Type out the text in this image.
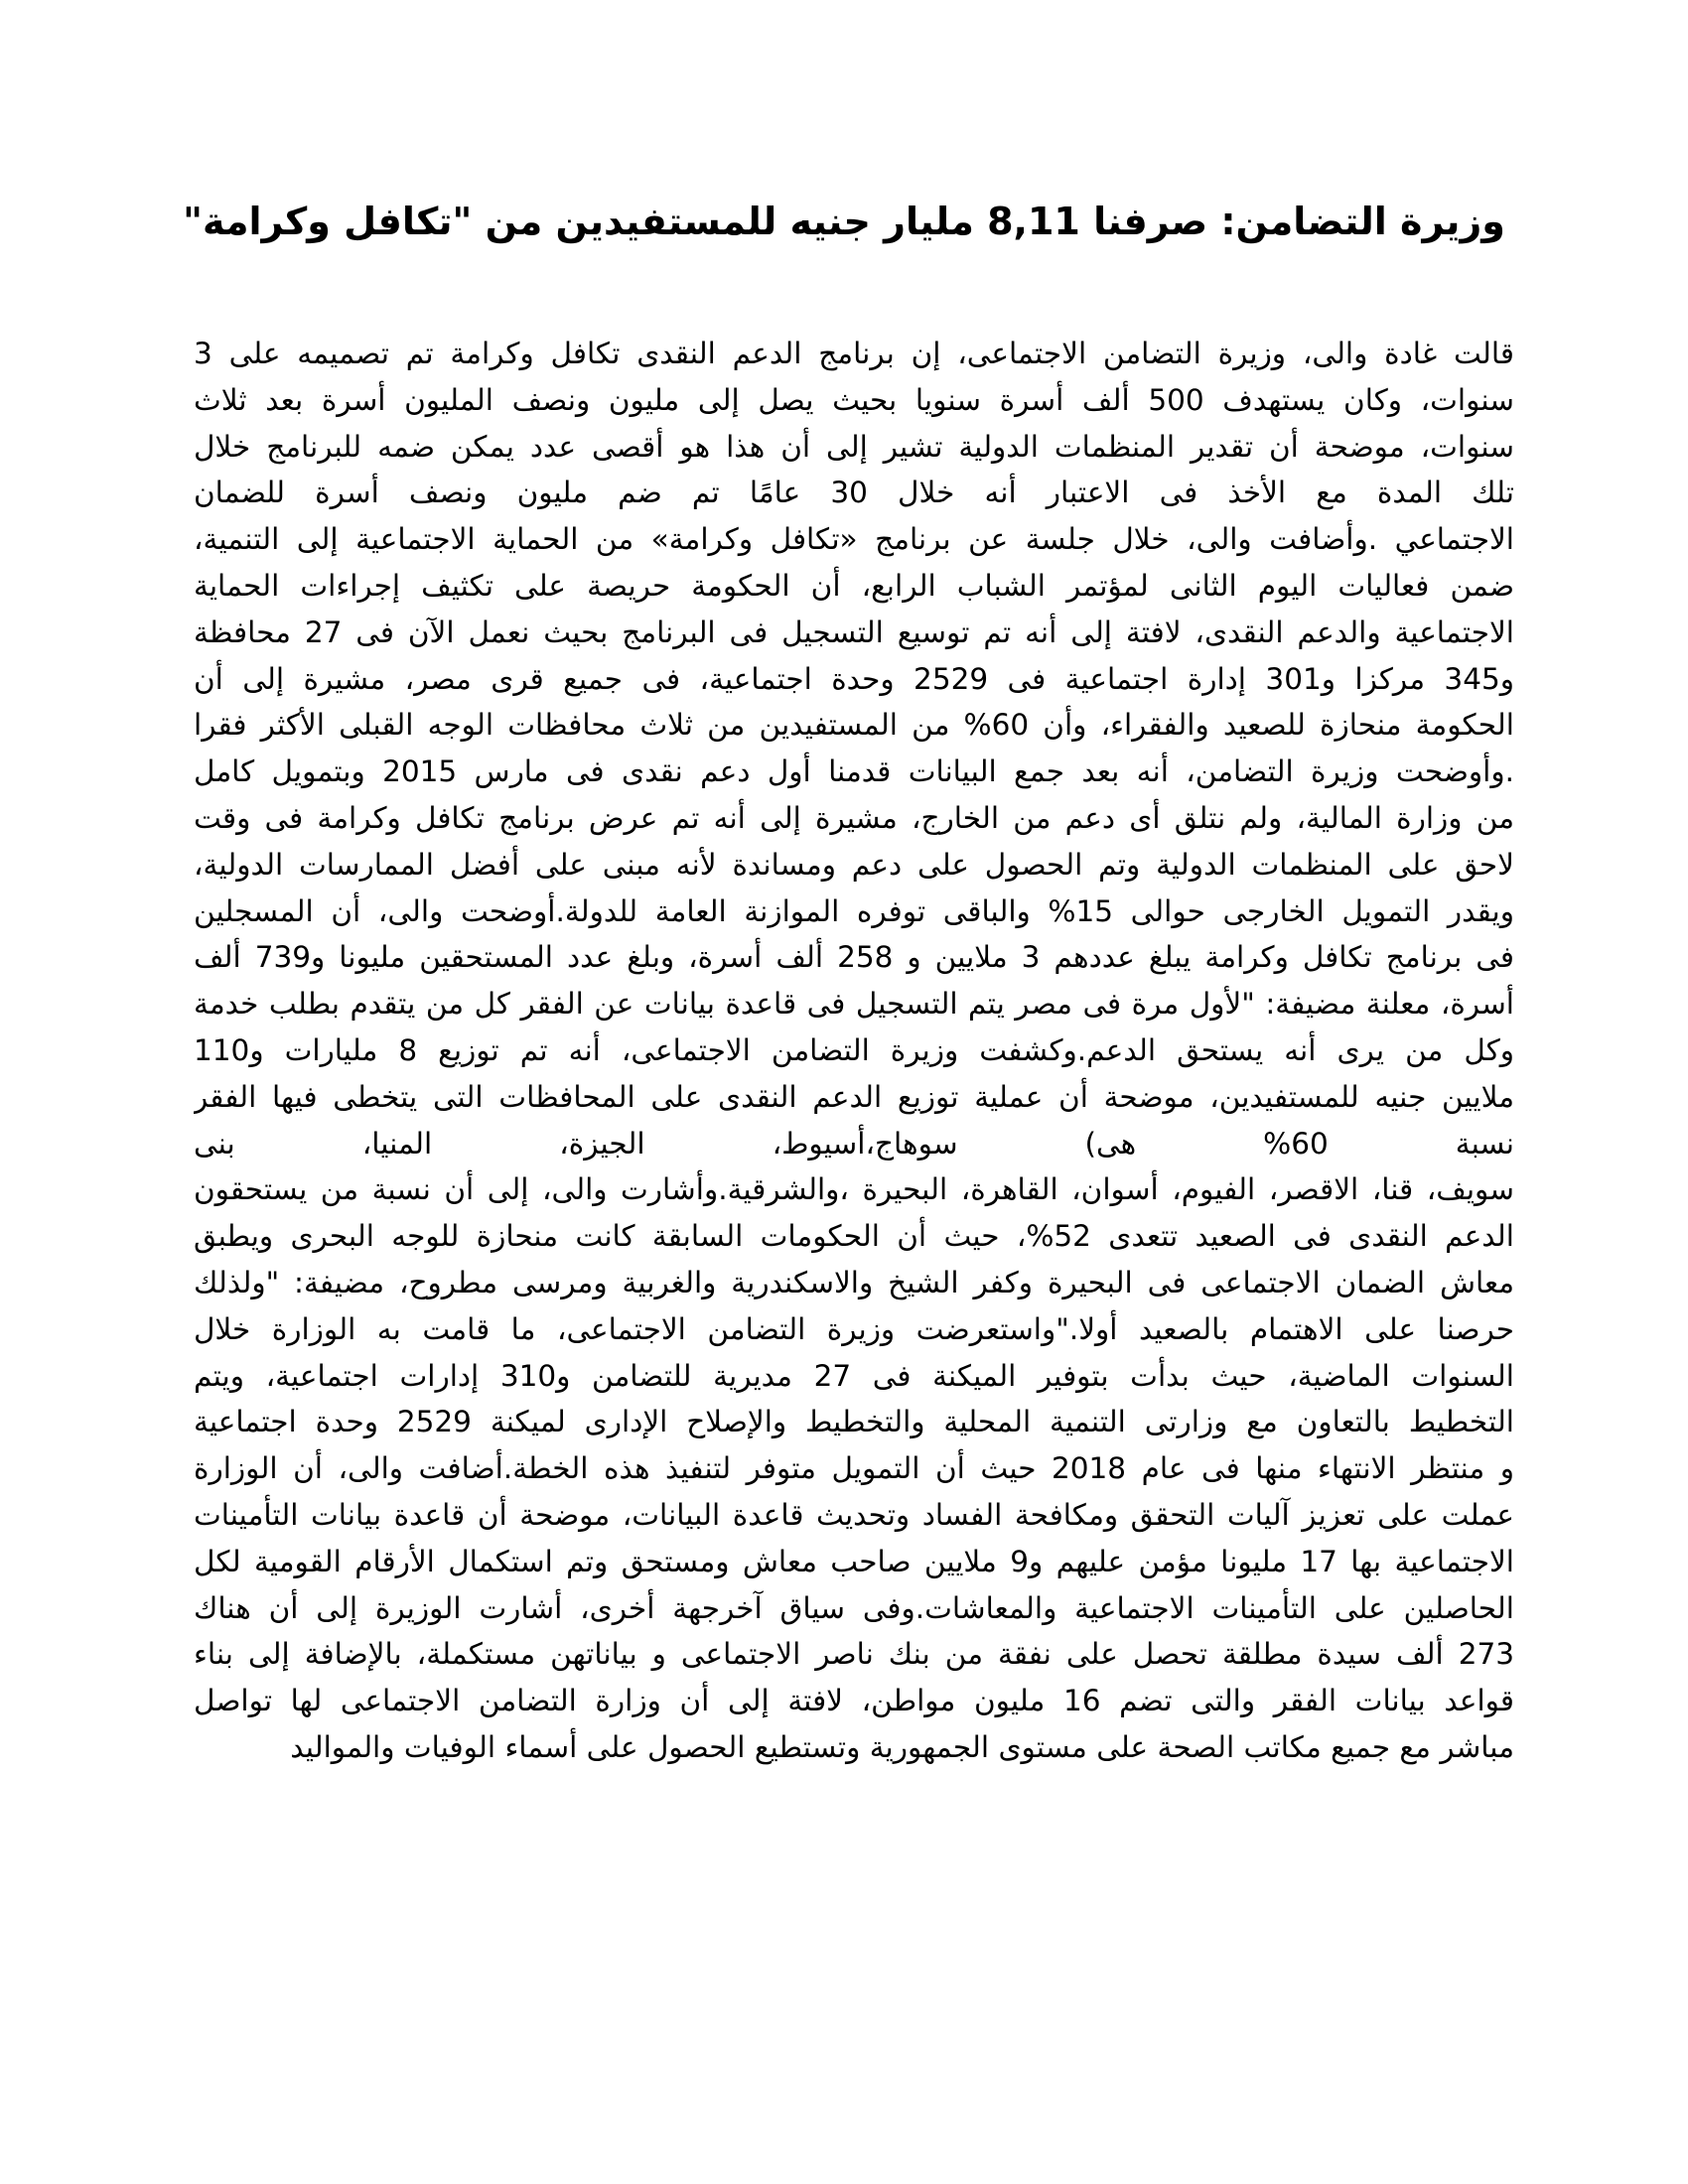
وزيرة التضامن: صرفنا 8,11 مليار جنيه للمستفيدين من "تكافل وكرامة"
قالت غادة والى، وزيرة التضامن الاجتماعى، إن برنامج الدعم النقدى تكافل وكرامة تم تصميمه على 3
سنوات، وكان يستهدف 500 ألف أسرة سنويا بحيث يصل إلى مليون ونصف المليون أسرة بعد ثلاث
سنوات، موضحة أن تقدير المنظمات الدولية تشير إلى أن هذا هو أقصى عدد يمكن ضمه للبرنامج خلال
تلك المدة مع الأخذ فى الاعتبار أنه خلال 30 عامًا تم ضم مليون ونصف أسرة للضمان
الاجتماعي .وأضافت والى، خلال جلسة عن برنامج «تكافل وكرامة» من الحماية الاجتماعية إلى التنمية،
ضمن فعاليات اليوم الثانى لمؤتمر الشباب الرابع، أن الحكومة حريصة على تكثيف إجراءات الحماية
الاجتماعية والدعم النقدى، لافتة إلى أنه تم توسيع التسجيل فى البرنامج بحيث نعمل الآن فى 27 محافظة
و345 مركزا و301 إدارة اجتماعية فى 2529 وحدة اجتماعية، فى جميع قرى مصر، مشيرة إلى أن
الحكومة منحازة للصعيد والفقراء، وأن 60% من المستفيدين من ثلاث محافظات الوجه القبلى الأكثر فقرا
.وأوضحت وزيرة التضامن، أنه بعد جمع البيانات قدمنا أول دعم نقدى فى مارس 2015 وبتمويل كامل
من وزارة المالية، ولم نتلق أى دعم من الخارج، مشيرة إلى أنه تم عرض برنامج تكافل وكرامة فى وقت
لاحق على المنظمات الدولية وتم الحصول على دعم ومساندة لأنه مبنى على أفضل الممارسات الدولية،
ويقدر التمويل الخارجى حوالى 15% والباقى توفره الموازنة العامة للدولة.أوضحت والى، أن المسجلين
فى برنامج تكافل وكرامة يبلغ عددهم 3 ملايين و 258 ألف أسرة، وبلغ عدد المستحقين مليونا و739 ألف
أسرة، معلنة مضيفة: "لأول مرة فى مصر يتم التسجيل فى قاعدة بيانات عن الفقر كل من يتقدم بطلب خدمة
وكل من يرى أنه يستحق الدعم.وكشفت وزيرة التضامن الاجتماعى، أنه تم توزيع 8 مليارات و110
ملايين جنيه للمستفيدين، موضحة أن عملية توزيع الدعم النقدى على المحافظات التى يتخطى فيها الفقر
نسبة 60% هى) سوهاج،أسيوط، الجيزة، المنيا، بنى
سويف، قنا، الاقصر، الفيوم، أسوان، القاهرة، البحيرة ،والشرقية.وأشارت والى، إلى أن نسبة من يستحقون
الدعم النقدى فى الصعيد تتعدى 52%، حيث أن الحكومات السابقة كانت منحازة للوجه البحرى ويطبق
معاش الضمان الاجتماعى فى البحيرة وكفر الشيخ والاسكندرية والغربية ومرسى مطروح، مضيفة: "ولذلك
حرصنا على الاهتمام بالصعيد أولا."واستعرضت وزيرة التضامن الاجتماعى، ما قامت به الوزارة خلال
السنوات الماضية، حيث بدأت بتوفير الميكنة فى 27 مديرية للتضامن و310 إدارات اجتماعية، ويتم
التخطيط بالتعاون مع وزارتى التنمية المحلية والتخطيط والإصلاح الإدارى لميكنة 2529 وحدة اجتماعية
و منتظر الانتهاء منها فى عام 2018 حيث أن التمويل متوفر لتنفيذ هذه الخطة.أضافت والى، أن الوزارة
عملت على تعزيز آليات التحقق ومكافحة الفساد وتحديث قاعدة البيانات، موضحة أن قاعدة بيانات التأمينات
الاجتماعية بها 17 مليونا مؤمن عليهم و9 ملايين صاحب معاش ومستحق وتم استكمال الأرقام القومية لكل
الحاصلين على التأمينات الاجتماعية والمعاشات.وفى سياق آخرجهة أخرى، أشارت الوزيرة إلى أن هناك
273 ألف سيدة مطلقة تحصل على نفقة من بنك ناصر الاجتماعى و بياناتهن مستكملة، بالإضافة إلى بناء
قواعد بيانات الفقر والتى تضم 16 مليون مواطن، لافتة إلى أن وزارة التضامن الاجتماعى لها تواصل
مباشر مع جميع مكاتب الصحة على مستوى الجمهورية وتستطيع الحصول على أسماء الوفيات والمواليد
